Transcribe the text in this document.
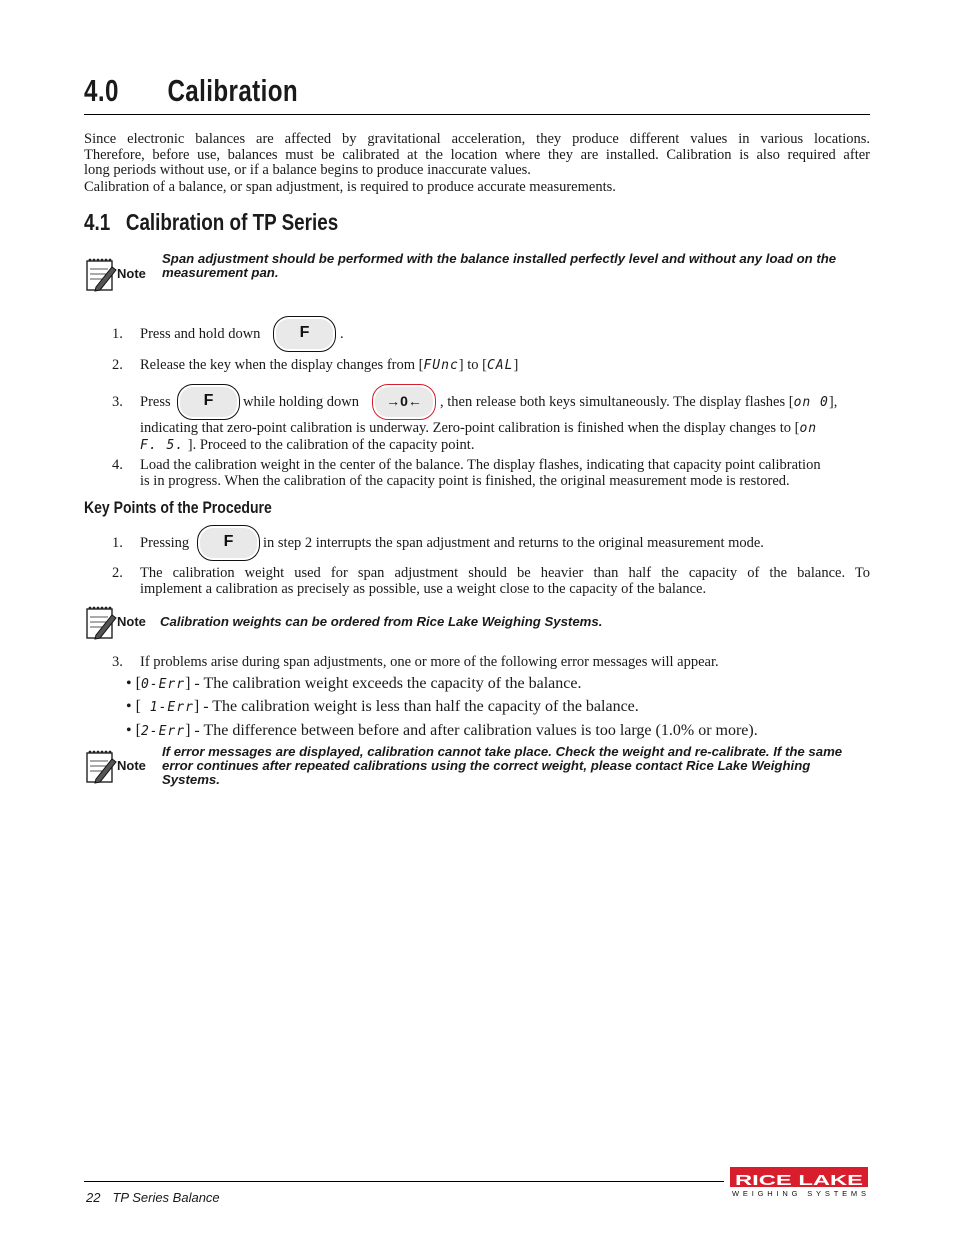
4.0 Calibration
Since electronic balances are affected by gravitational acceleration, they produce different values in various locations.
Therefore, before use, balances must be calibrated at the location where they are installed. Calibration is also required after
long periods without use, or if a balance begins to produce inaccurate values.
Calibration of a balance, or span adjustment, is required to produce accurate measurements.
4.1 Calibration of TP Series
Note
Span adjustment should be performed with the balance installed perfectly level and without any load on the
measurement pan.
1.	Press and hold down	F	.
2.	Release the key when the display changes from [FUnc] to [CAL]
3.	Press	F	while holding down	→0←	, then release both keys simultaneously. The display flashes [on 0],
indicating that zero-point calibration is underway. Zero-point calibration is finished when the display changes to [on
F. 5. ]. Proceed to the calibration of the capacity point.
4.	Load the calibration weight in the center of the balance. The display flashes, indicating that capacity point calibration
is in progress. When the calibration of the capacity point is finished, the original measurement mode is restored.
Key Points of the Procedure
1.	Pressing	F	in step 2 interrupts the span adjustment and returns to the original measurement mode.
2.	The calibration weight used for span adjustment should be heavier than half the capacity of the balance. To
implement a calibration as precisely as possible, use a weight close to the capacity of the balance.
Note Calibration weights can be ordered from Rice Lake Weighing Systems.
3.	If problems arise during span adjustments, one or more of the following error messages will appear.
• [0-Err] - The calibration weight exceeds the capacity of the balance.
• [ 1-Err] - The calibration weight is less than half the capacity of the balance.
• [2-Err] - The difference between before and after calibration values is too large (1.0% or more).
Note
If error messages are displayed, calibration cannot take place. Check the weight and re-calibrate. If the same
error continues after repeated calibrations using the correct weight, please contact Rice Lake Weighing
Systems.
22 TP Series Balance
RICE LAKE
WEIGHING SYSTEMS
